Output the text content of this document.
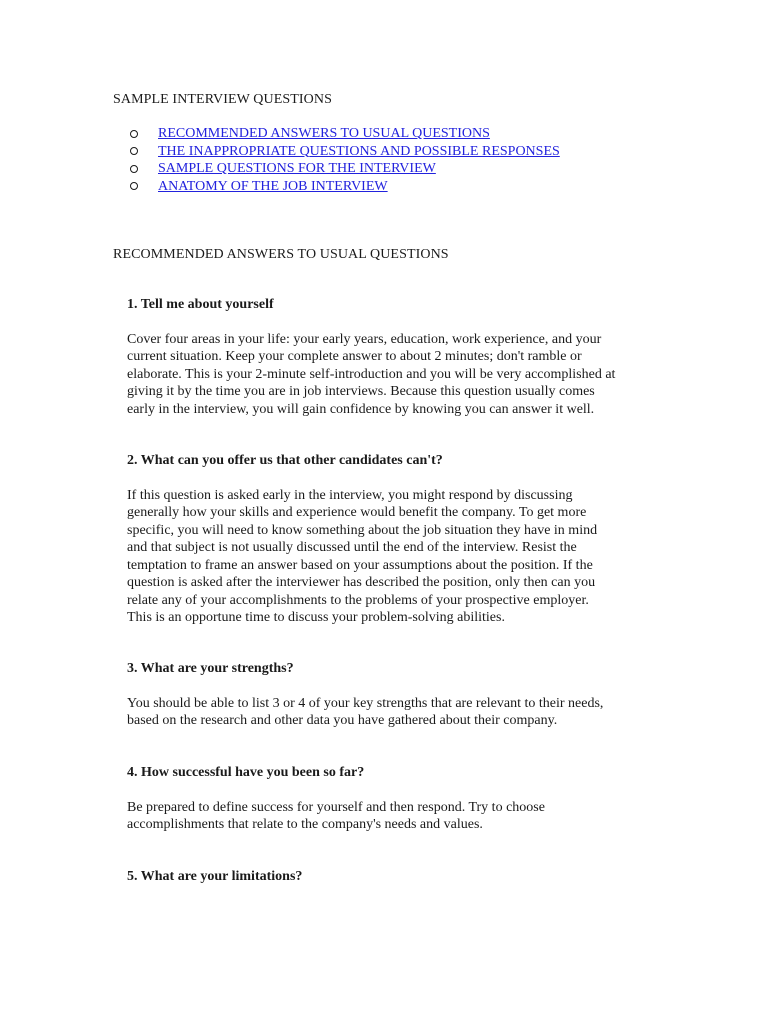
SAMPLE INTERVIEW QUESTIONS
RECOMMENDED ANSWERS TO USUAL QUESTIONS
THE INAPPROPRIATE QUESTIONS AND POSSIBLE RESPONSES
SAMPLE QUESTIONS FOR THE INTERVIEW
ANATOMY OF THE JOB INTERVIEW
RECOMMENDED ANSWERS TO USUAL QUESTIONS

1. Tell me about yourself

Cover four areas in your life: your early years, education, work experience, and your
current situation. Keep your complete answer to about 2 minutes; don't ramble or
elaborate. This is your 2-minute self-introduction and you will be very accomplished at
giving it by the time you are in job interviews. Because this question usually comes
early in the interview, you will gain confidence by knowing you can answer it well.

2. What can you offer us that other candidates can't?

If this question is asked early in the interview, you might respond by discussing
generally how your skills and experience would benefit the company. To get more
specific, you will need to know something about the job situation they have in mind
and that subject is not usually discussed until the end of the interview. Resist the
temptation to frame an answer based on your assumptions about the position. If the
question is asked after the interviewer has described the position, only then can you
relate any of your accomplishments to the problems of your prospective employer.
This is an opportune time to discuss your problem-solving abilities.

3. What are your strengths?

You should be able to list 3 or 4 of your key strengths that are relevant to their needs,
based on the research and other data you have gathered about their company.

4. How successful have you been so far?

Be prepared to define success for yourself and then respond. Try to choose
accomplishments that relate to the company's needs and values.

5. What are your limitations?
